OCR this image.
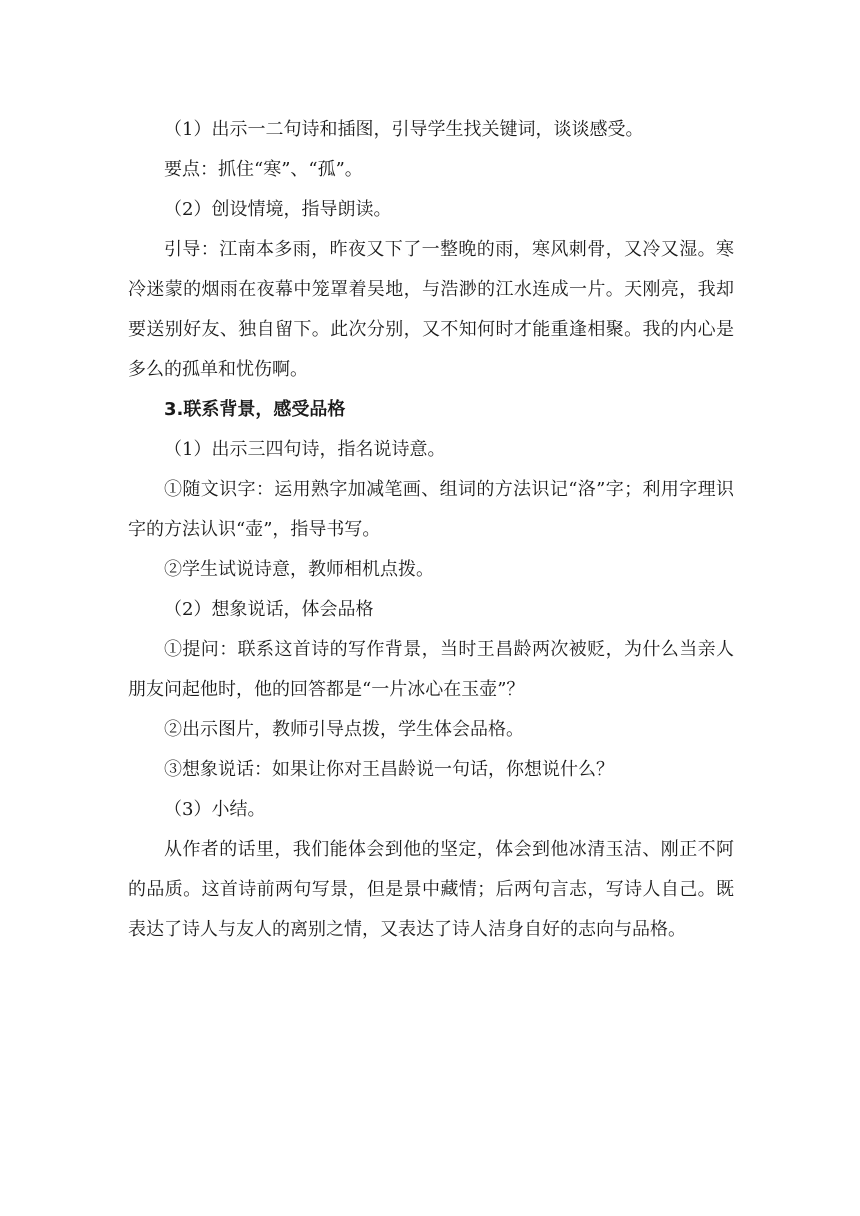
（1）出示一二句诗和插图，引导学生找关键词，谈谈感受。

要点：抓住“寒”、“孤”。

（2）创设情境，指导朗读。

引导：江南本多雨，昨夜又下了一整晚的雨，寒风刺骨，又冷又湿。寒冷迷蒙的烟雨在夜幕中笼罩着吴地，与浩渺的江水连成一片。天刚亮，我却要送别好友、独自留下。此次分别，又不知何时才能重逢相聚。我的内心是多么的孤单和忧伤啊。

3.联系背景，感受品格

（1）出示三四句诗，指名说诗意。

①随文识字：运用熟字加减笔画、组词的方法识记“洛”字；利用字理识字的方法认识“壶”，指导书写。

②学生试说诗意，教师相机点拨。

（2）想象说话，体会品格

①提问：联系这首诗的写作背景，当时王昌龄两次被贬，为什么当亲人朋友问起他时，他的回答都是“一片冰心在玉壶”？

②出示图片，教师引导点拨，学生体会品格。

③想象说话：如果让你对王昌龄说一句话，你想说什么？

（3）小结。

从作者的话里，我们能体会到他的坚定，体会到他冰清玉洁、刚正不阿的品质。这首诗前两句写景，但是景中藏情；后两句言志，写诗人自己。既表达了诗人与友人的离别之情，又表达了诗人洁身自好的志向与品格。
